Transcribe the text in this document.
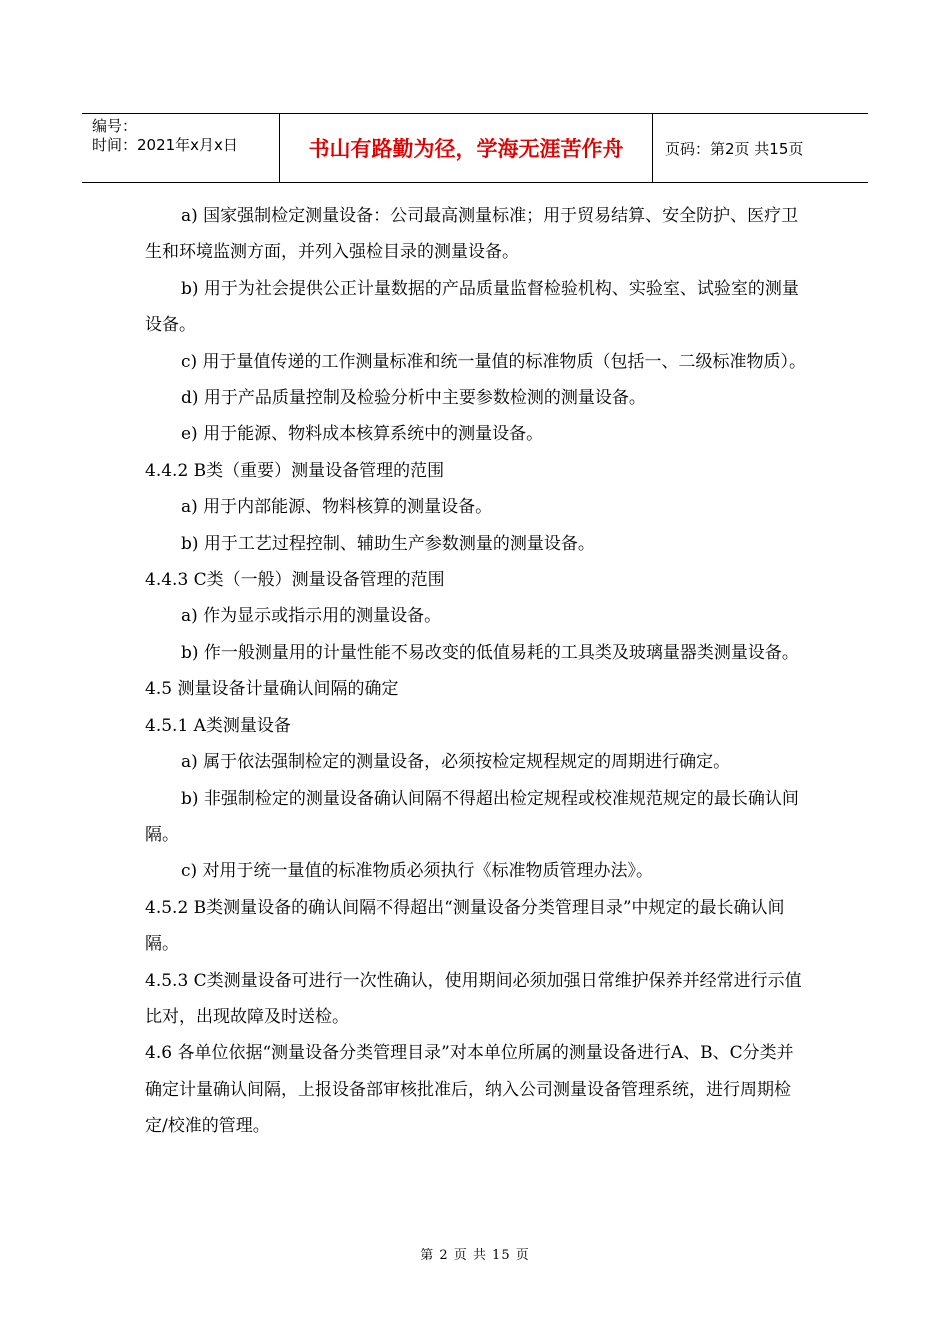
编号：
时间：2021年x月x日	书山有路勤为径，学海无涯苦作舟	页码：第2页 共15页

a) 国家强制检定测量设备：公司最高测量标准；用于贸易结算、安全防护、医疗卫生和环境监测方面，并列入强检目录的测量设备。

b) 用于为社会提供公正计量数据的产品质量监督检验机构、实验室、试验室的测量设备。

c) 用于量值传递的工作测量标准和统一量值的标准物质（包括一、二级标准物质）。

d) 用于产品质量控制及检验分析中主要参数检测的测量设备。

e) 用于能源、物料成本核算系统中的测量设备。

4.4.2 B类（重要）测量设备管理的范围

a) 用于内部能源、物料核算的测量设备。

b) 用于工艺过程控制、辅助生产参数测量的测量设备。

4.4.3 C类（一般）测量设备管理的范围

a) 作为显示或指示用的测量设备。

b) 作一般测量用的计量性能不易改变的低值易耗的工具类及玻璃量器类测量设备。

4.5 测量设备计量确认间隔的确定

4.5.1 A类测量设备

a) 属于依法强制检定的测量设备，必须按检定规程规定的周期进行确定。

b) 非强制检定的测量设备确认间隔不得超出检定规程或校准规范规定的最长确认间隔。

c) 对用于统一量值的标准物质必须执行《标准物质管理办法》。

4.5.2 B类测量设备的确认间隔不得超出“测量设备分类管理目录”中规定的最长确认间隔。

4.5.3 C类测量设备可进行一次性确认，使用期间必须加强日常维护保养并经常进行示值比对，出现故障及时送检。

4.6 各单位依据“测量设备分类管理目录”对本单位所属的测量设备进行A、B、C分类并确定计量确认间隔，上报设备部审核批准后，纳入公司测量设备管理系统，进行周期检定/校准的管理。

第 2 页 共 15 页
